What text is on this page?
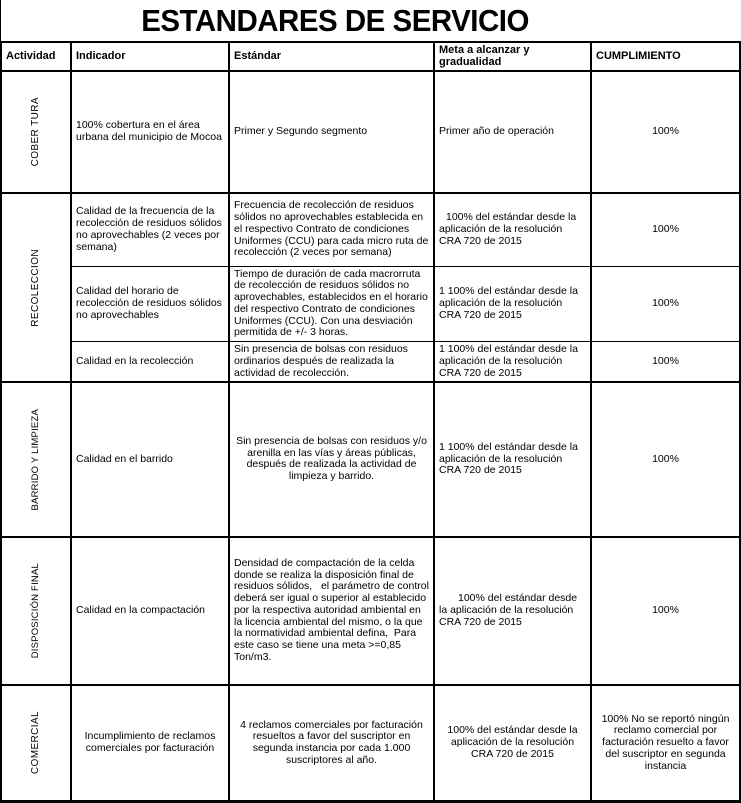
ESTANDARES DE SERVICIO
Actividad	Indicador	Estándar	Meta a alcanzar y gradualidad	CUMPLIMIENTO

COBER TURA	100% cobertura en el área urbana del municipio de Mocoa	Primer y Segundo segmento	Primer año de operación	100%

RECOLECCION	Calidad de la frecuencia de la recolección de residuos sólidos no aprovechables (2 veces por semana)	Frecuencia de recolección de residuos sólidos no aprovechables establecida en el respectivo Contrato de condiciones Uniformes (CCU) para cada micro ruta de recolección (2 veces por semana)	100% del estándar desde la aplicación de la resolución CRA 720 de 2015	100%
	Calidad del horario de recolección de residuos sólidos no aprovechables	Tiempo de duración de cada macrorruta de recolección de residuos sólidos no aprovechables, establecidos en el horario del respectivo Contrato de condiciones Uniformes (CCU). Con una desviación permitida de +/- 3 horas.	1 100% del estándar desde la aplicación de la resolución CRA 720 de 2015	100%
	Calidad en la recolección	Sin presencia de bolsas con residuos ordinarios después de realizada la actividad de recolección.	1 100% del estándar desde la aplicación de la resolución CRA 720 de 2015	100%

BARRIDO Y LIMPIEZA	Calidad en el barrido	Sin presencia de bolsas con residuos y/o arenilla en las vías y áreas públicas, después de realizada la actividad de limpieza y barrido.	1 100% del estándar desde la aplicación de la resolución CRA 720 de 2015	100%

DISPOSICIÓN FINAL	Calidad en la compactación	Densidad de compactación de la celda donde se realiza la disposición final de residuos sólidos,   el parámetro de control deberá ser igual o superior al establecido por la respectiva autoridad ambiental en la licencia ambiental del mismo, o la que la normatividad ambiental defina,  Para este caso se tiene una meta >=0,85 Ton/m3.	100% del estándar desde la aplicación de la resolución CRA 720 de 2015	100%

COMERCIAL	Incumplimiento de reclamos comerciales por facturación	4 reclamos comerciales por facturación resueltos a favor del suscriptor en segunda instancia por cada 1.000 suscriptores al año.	100% del estándar desde la aplicación de la resolución CRA 720 de 2015	100% No se reportó ningún reclamo comercial por facturación resuelto a favor del suscriptor en segunda instancia
